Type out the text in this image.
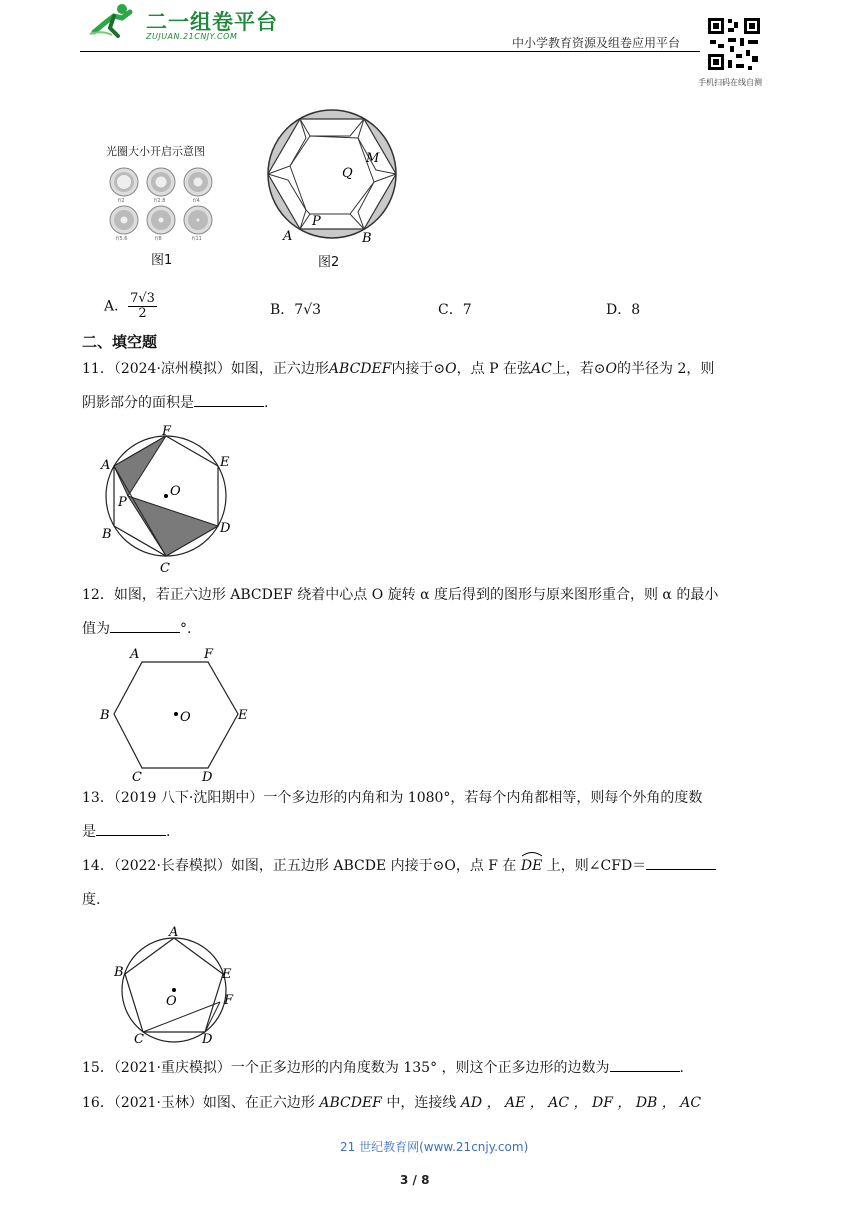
二一组卷平台
ZUJUAN.21CNJY.COM	中小学教育资源及组卷应用平台
手机扫码在线自测
光圈大小开启示意图
f/2	f/2.8	f/4
f/5.6	f/8	f/11
图1
Q
M
P
A	B
图2
A． $\frac{7√3}{2}$	B．7√3	C．7	D．8
二、填空题
11．（2024·凉州模拟）如图，正六边形ABCDEF内接于⊙O，点 P 在弦AC上，若⊙O的半径为 2，则
阴影部分的面积是	.
F
E
A
O
P
B	D
C
12．如图，若正六边形 ABCDEF 绕着中心点 O 旋转 α 度后得到的图形与原来图形重合，则 α 的最小
值为	°.
A	F
B	O	E
C	D
13．（2019 八下·沈阳期中）一个多边形的内角和为 1080°，若每个内角都相等，则每个外角的度数
是	.
14．（2022·长春模拟）如图，正五边形 ABCDE 内接于⊙O，点 F 在 DE 上，则∠CFD＝
度.
A
B	E
F
O
C	D
15．（2021·重庆模拟）一个正多边形的内角度数为 135° ，则这个正多边形的边数为	.
16．（2021·玉林）如图、在正六边形 ABCDEF 中，连接线 AD ， AE ， AC ， DF ， DB ， AC
21 世纪教育网(www.21cnjy.com)
3 / 8
